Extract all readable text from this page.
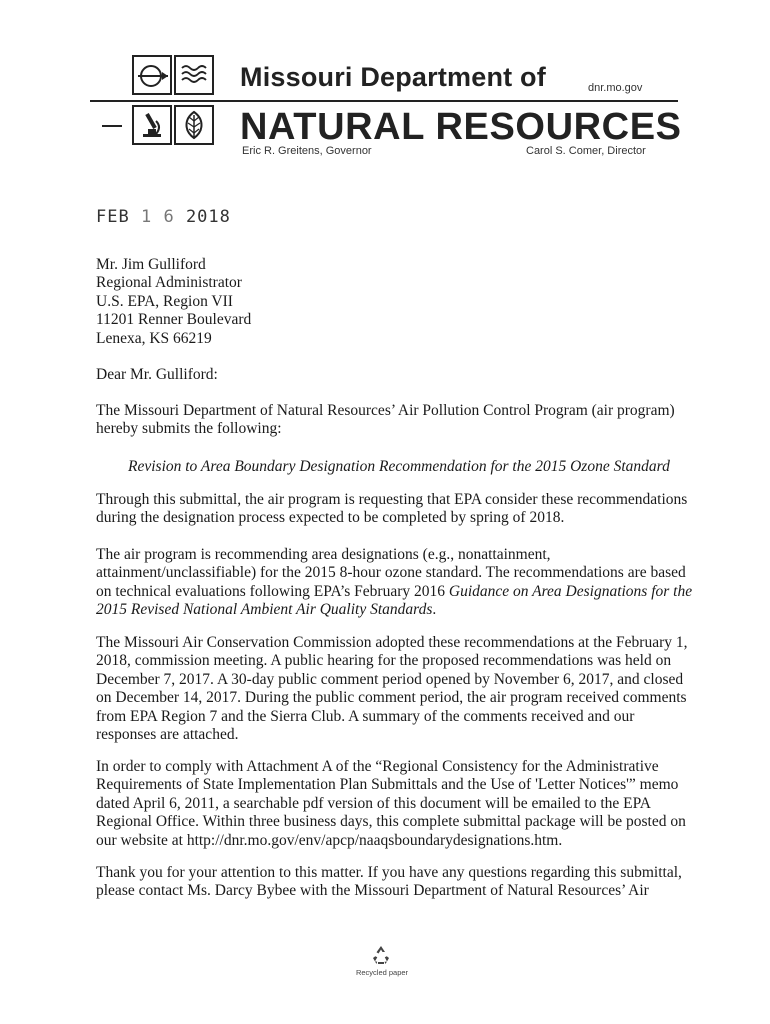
Missouri Department of	dnr.mo.gov
NATURAL RESOURCES
Eric R. Greitens, Governor	Carol S. Comer, Director
FEB 1 6 2018
Mr. Jim Gulliford
Regional Administrator
U.S. EPA, Region VII
11201 Renner Boulevard
Lenexa, KS 66219
Dear Mr. Gulliford:
The Missouri Department of Natural Resources’ Air Pollution Control Program (air program) hereby submits the following:
Revision to Area Boundary Designation Recommendation for the 2015 Ozone Standard
Through this submittal, the air program is requesting that EPA consider these recommendations during the designation process expected to be completed by spring of 2018.
The air program is recommending area designations (e.g., nonattainment, attainment/unclassifiable) for the 2015 8-hour ozone standard. The recommendations are based on technical evaluations following EPA’s February 2016 Guidance on Area Designations for the 2015 Revised National Ambient Air Quality Standards.
The Missouri Air Conservation Commission adopted these recommendations at the February 1, 2018, commission meeting. A public hearing for the proposed recommendations was held on December 7, 2017. A 30-day public comment period opened by November 6, 2017, and closed on December 14, 2017. During the public comment period, the air program received comments from EPA Region 7 and the Sierra Club. A summary of the comments received and our responses are attached.
In order to comply with Attachment A of the “Regional Consistency for the Administrative Requirements of State Implementation Plan Submittals and the Use of 'Letter Notices'” memo dated April 6, 2011, a searchable pdf version of this document will be emailed to the EPA Regional Office. Within three business days, this complete submittal package will be posted on our website at http://dnr.mo.gov/env/apcp/naaqsboundarydesignations.htm.
Thank you for your attention to this matter. If you have any questions regarding this submittal, please contact Ms. Darcy Bybee with the Missouri Department of Natural Resources’ Air
Recycled paper
